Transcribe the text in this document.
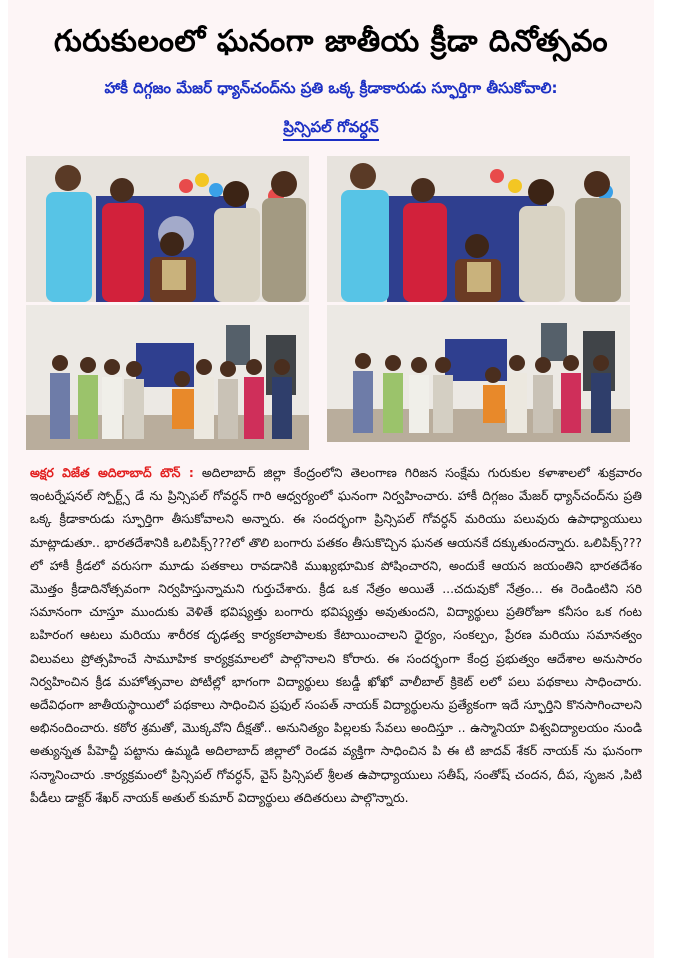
గురుకులంలో ఘనంగా జాతీయ క్రీడా దినోత్సవం
హాకీ దిగ్గజం మేజర్ ధ్యాన్‌చంద్‌ను ప్రతి ఒక్క క్రీడాకారుడు స్ఫూర్తిగా తీసుకోవాలి:
ప్రిన్సిపల్ గోవర్ధన్
అక్షర విజేత అదిలాబాద్ టౌన్ : అదిలాబాద్ జిల్లా కేంద్రంలోని తెలంగాణ గిరిజన సంక్షేమ గురుకుల కళాశాలలో శుక్రవారం ఇంటర్నేషనల్ స్పోర్ట్స్ డే ను ప్రిన్సిపల్ గోవర్ధన్ గారి ఆధ్వర్యంలో ఘనంగా నిర్వహించారు. హాకీ దిగ్గజం మేజర్ ధ్యాన్‌చంద్‌ను ప్రతి ఒక్క క్రీడాకారుడు స్ఫూర్తిగా తీసుకోవాలని అన్నారు. ఈ సందర్భంగా ప్రిన్సిపల్ గోవర్ధన్ మరియు పలువురు ఉపాధ్యాయులు మాట్లాడుతూ.. భారతదేశానికి ఒలిపిక్స్???లో తొలి బంగారు పతకం తీసుకొచ్చిన ఘనత ఆయనకే దక్కుతుందన్నారు. ఒలిపిక్స్???లో హాకీ క్రీడలో వరుసగా మూడు పతకాలు రావడానికి ముఖ్యభూమిక పోషించారని, అందుకే ఆయన జయంతిని భారతదేశం మొత్తం క్రీడాదినోత్సవంగా నిర్వహిస్తున్నామని గుర్తుచేశారు. క్రీడ ఒక నేత్రం అయితే ...చదువుకో నేత్రం... ఈ రెండింటిని సరి సమానంగా చూస్తూ ముందుకు వెళితే భవిష్యత్తు బంగారు భవిష్యత్తు అవుతుందని, విద్యార్థులు ప్రతిరోజూ కనీసం ఒక గంట బహిరంగ ఆటలు మరియు శారీరక దృఢత్వ కార్యకలాపాలకు కేటాయించాలని ధైర్యం, సంకల్పం, ప్రేరణ మరియు సమానత్వం విలువలు ప్రోత్సహించే సామూహిక కార్యక్రమాలలో పాల్గొనాలని కోరారు. ఈ సందర్భంగా కేంద్ర ప్రభుత్వం ఆదేశాల అనుసారం నిర్వహించిన క్రీడ మహోత్సవాల పోటీల్లో భాగంగా విద్యార్థులు కబడ్డీ ఖోఖో వాలీబాల్ క్రికెట్ లలో పలు పథకాలు సాధించారు. అదేవిధంగా జాతీయస్థాయిలో పథకాలు సాధించిన ప్రఫుల్ సంపత్ నాయక్ విద్యార్థులను ప్రత్యేకంగా ఇదే స్ఫూర్తిని కొనసాగించాలని అభినందించారు. కఠోర శ్రమతో, మొక్కవోని దీక్షతో.. అనునిత్యం పిల్లలకు సేవలు అందిస్తూ .. ఉస్మానియా విశ్వవిద్యాలయం నుండి అత్యున్నత పీహెచ్డీ పట్టాను ఉమ్మడి అదిలాబాద్ జిల్లాలో రెండవ వ్యక్తిగా సాధించిన పి ఈ టి జాదవ్ శేకర్ నాయక్ ను ఘనంగా సన్మానించారు .కార్యక్రమంలో ప్రిన్సిపల్ గోవర్ధన్, వైస్ ప్రిన్సిపల్ శ్రీలత ఉపాధ్యాయులు సతీష్, సంతోష్ చందన, దీప, సృజన ,పిటి పీడీలు డాక్టర్ శేఖర్ నాయక్ అతుల్ కుమార్ విద్యార్థులు తదితరులు పాల్గొన్నారు.
